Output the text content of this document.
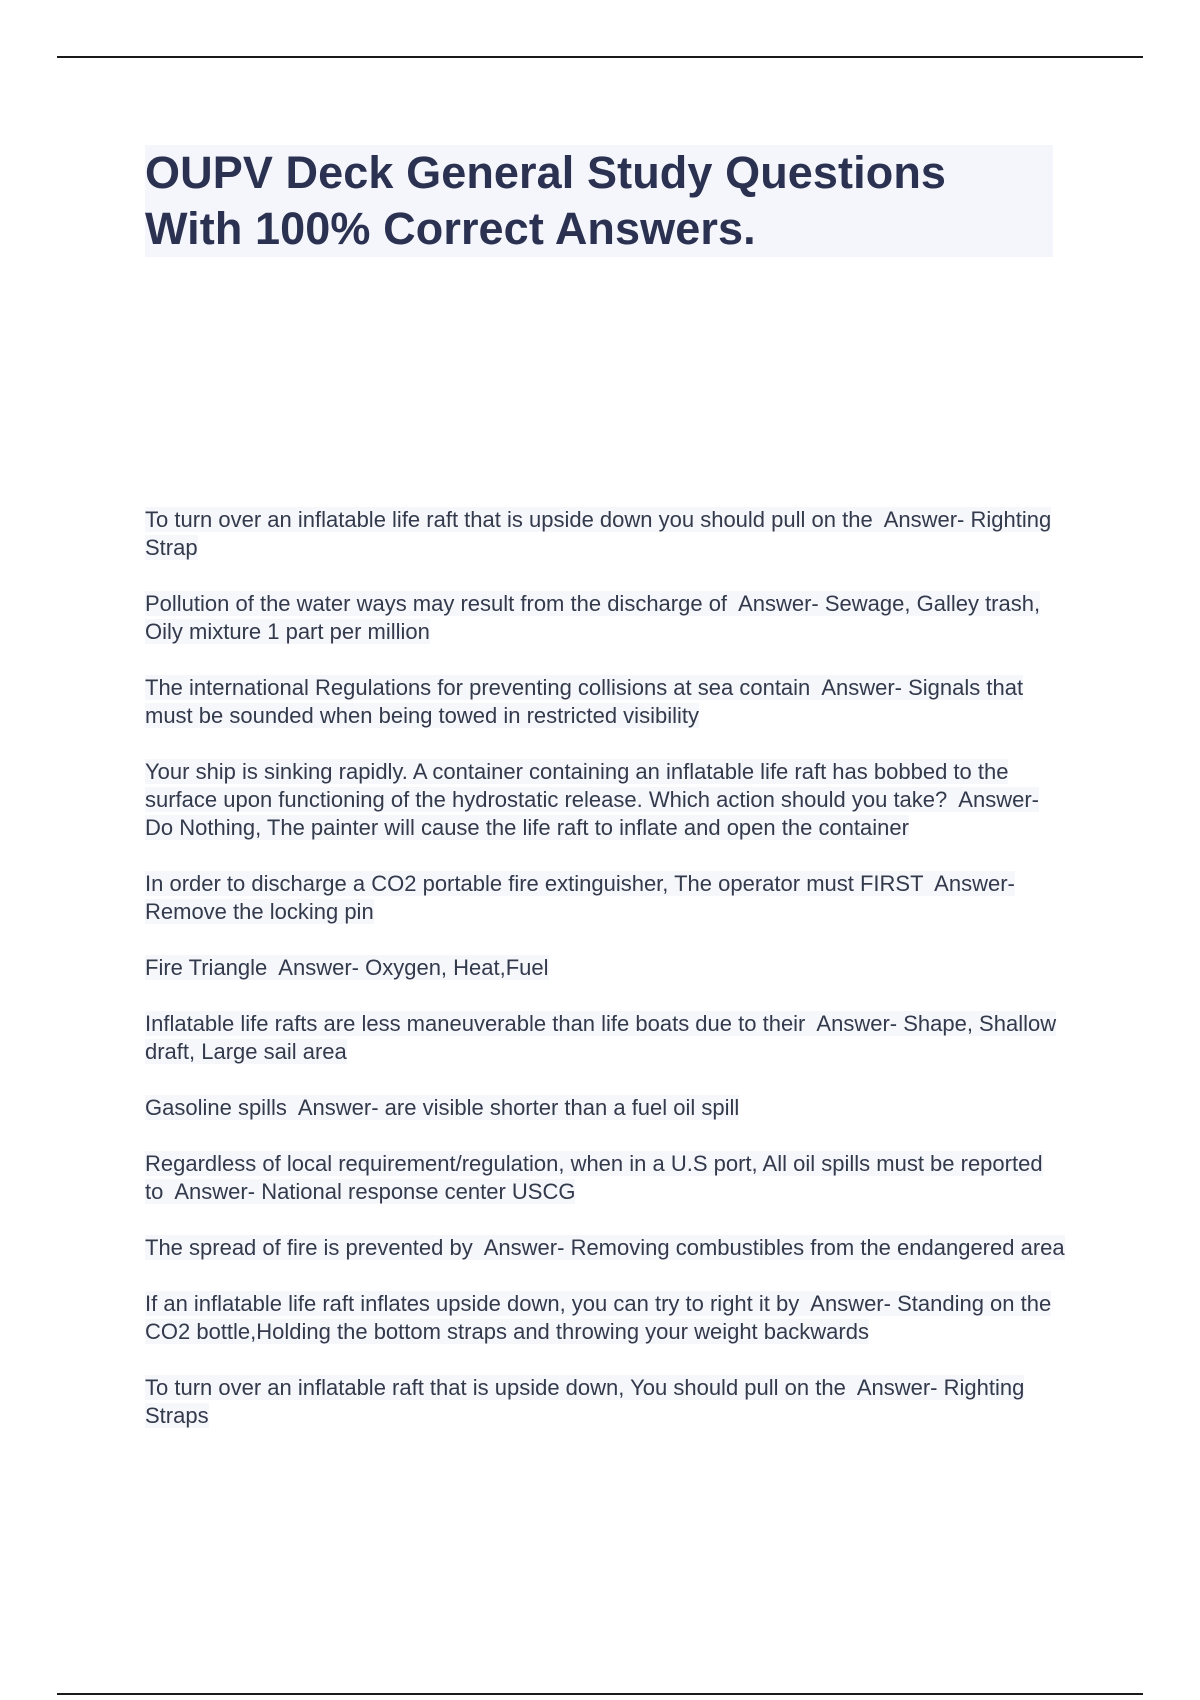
OUPV Deck General Study Questions With 100% Correct Answers.
To turn over an inflatable life raft that is upside down you should pull on the Answer- Righting Strap
Pollution of the water ways may result from the discharge of Answer- Sewage, Galley trash, Oily mixture 1 part per million
The international Regulations for preventing collisions at sea contain Answer- Signals that must be sounded when being towed in restricted visibility
Your ship is sinking rapidly. A container containing an inflatable life raft has bobbed to the surface upon functioning of the hydrostatic release. Which action should you take? Answer- Do Nothing, The painter will cause the life raft to inflate and open the container
In order to discharge a CO2 portable fire extinguisher, The operator must FIRST Answer- Remove the locking pin
Fire Triangle Answer- Oxygen, Heat,Fuel
Inflatable life rafts are less maneuverable than life boats due to their Answer- Shape, Shallow draft, Large sail area
Gasoline spills Answer- are visible shorter than a fuel oil spill
Regardless of local requirement/regulation, when in a U.S port, All oil spills must be reported to Answer- National response center USCG
The spread of fire is prevented by Answer- Removing combustibles from the endangered area
If an inflatable life raft inflates upside down, you can try to right it by Answer- Standing on the CO2 bottle,Holding the bottom straps and throwing your weight backwards
To turn over an inflatable raft that is upside down, You should pull on the Answer- Righting Straps
